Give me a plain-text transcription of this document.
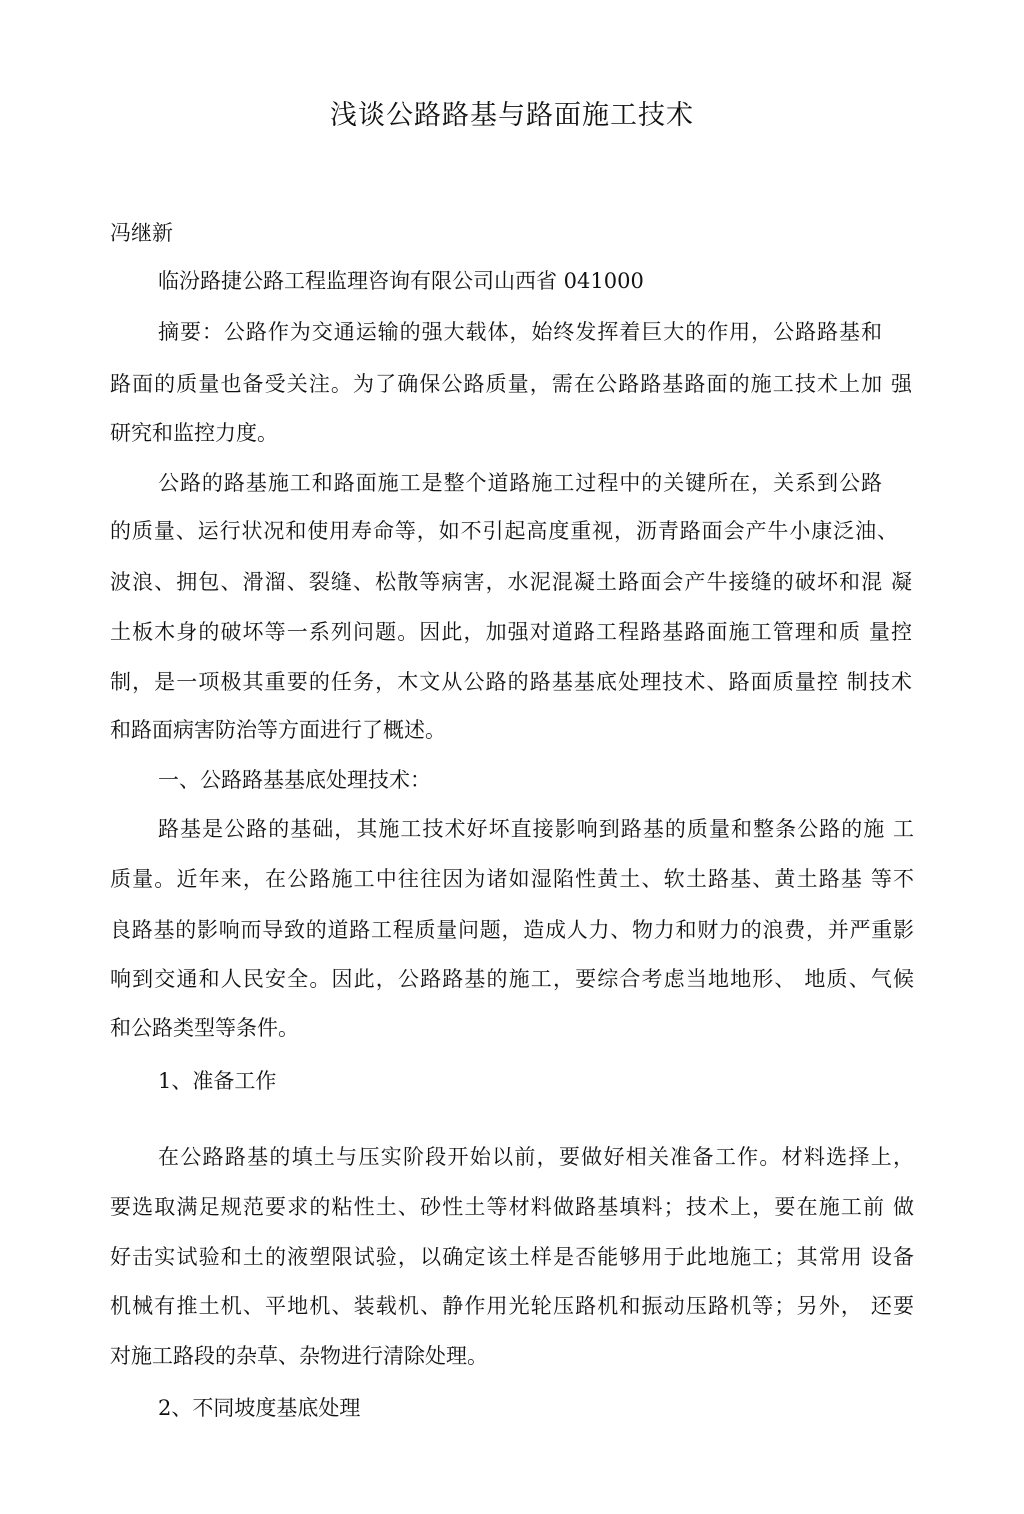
浅谈公路路基与路面施工技术
冯继新
临汾路捷公路工程监理咨询有限公司山西省 041000
摘要：公路作为交通运输的强大载体，始终发挥着巨大的作用，公路路基和
路面的质量也备受关注。为了确保公路质量，需在公路路基路面的施工技术上加 强
研究和监控力度。
公路的路基施工和路面施工是整个道路施工过程中的关键所在，关系到公路
的质量、运行状况和使用寿命等，如不引起高度重视，沥青路面会产牛小康泛油、
波浪、拥包、滑溜、裂缝、松散等病害，水泥混凝土路面会产牛接缝的破坏和混 凝
土板木身的破坏等一系列问题。因此，加强对道路工程路基路面施工管理和质 量控
制，是一项极其重要的任务，木文从公路的路基基底处理技术、路面质量控 制技术
和路面病害防治等方面进行了概述。
一、公路路基基底处理技术：
路基是公路的基础，其施工技术好坏直接影响到路基的质量和整条公路的施 工
质量。近年来，在公路施工中往往因为诸如湿陷性黄土、软土路基、黄土路基 等不
良路基的影响而导致的道路工程质量问题，造成人力、物力和财力的浪费，并严重影
响到交通和人民安全。因此，公路路基的施工，要综合考虑当地地形、 地质、气候
和公路类型等条件。
1、准备工作
在公路路基的填土与压实阶段开始以前，要做好相关准备工作。材料选择上，
要选取满足规范要求的粘性土、砂性土等材料做路基填料；技术上，要在施工前 做
好击实试验和土的液塑限试验，以确定该土样是否能够用于此地施工；其常用 设备
机械有推土机、平地机、装载机、静作用光轮压路机和振动压路机等；另外， 还要
对施工路段的杂草、杂物进行清除处理。
2、不同坡度基底处理
